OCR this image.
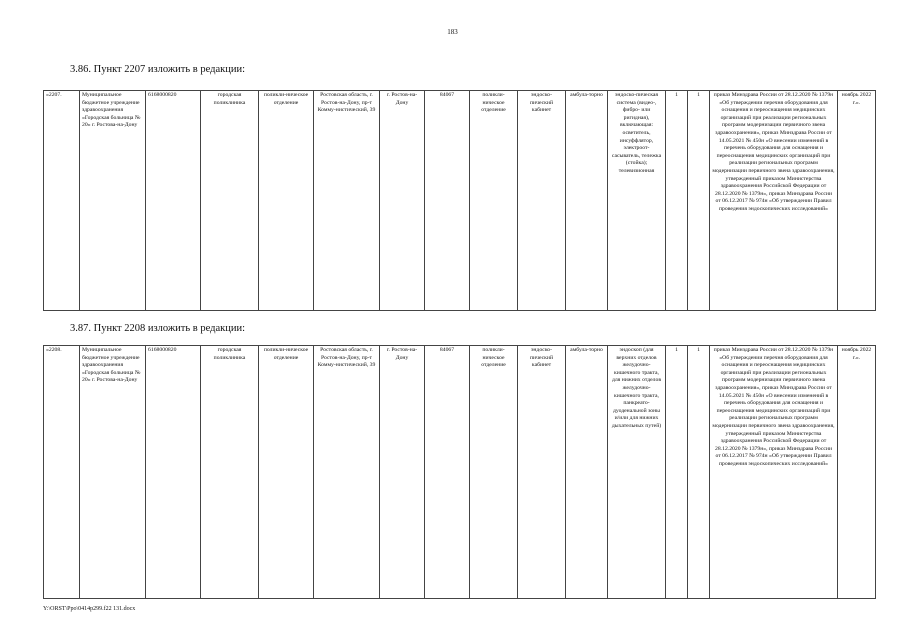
183
3.86. Пункт 2207 изложить в редакции:
«2207.	Муниципальное бюджетное учреждение здравоохранения «Городская больница № 20» г. Ростова-на-Дону	6168000820	городская поликлиника	поликли-ническое отделение	Ростовская область, г. Ростов-на-Дону, пр-т Комму-нистический, 39	г. Ростов-на-Дону	84067	поликли-ническое отделение	эндоско-пический кабинет	амбула-торно	эндоско-пическая система (видео-, фибро- или ригидная), включающая: осветитель, инсуффлятор, электроот-сасыватель, тележка (стойка); телевизионная	1	1	приказ Минздрава России от 28.12.2020 № 1379н «Об утверждении перечня оборудования для оснащения и переоснащения медицинских организаций при реализации региональных программ модернизации первичного звена здравоохранения», приказ Минздрава России от 14.05.2021 № 450н «О внесении изменений в перечень оборудования для оснащения и переоснащения медицинских организаций при реализации региональных программ модернизации первичного звена здравоохранения, утвержденный приказом Министерства здравоохранения Российской Федерации от 28.12.2020 № 1379н», приказ Минздрава России от 06.12.2017 № 974н «Об утверждении Правил проведения эндоскопических исследований»	ноябрь 2022 г.».
3.87. Пункт 2208 изложить в редакции:
«2208.	Муниципальное бюджетное учреждение здравоохранения «Городская больница № 20» г. Ростова-на-Дону	6168000820	городская поликлиника	поликли-ническое отделение	Ростовская область, г. Ростов-на-Дону, пр-т Комму-нистический, 39	г. Ростов-на-Дону	84067	поликли-ническое отделение	эндоско-пический кабинет	амбула-торно	эндоскоп (для верхних отделов желудочно-кишечного тракта, для нижних отделов желудочно-кишечного тракта, панкреато-дуоденальной зоны и/или для нижних дыхательных путей)	1	1	приказ Минздрава России от 28.12.2020 № 1379н «Об утверждении перечня оборудования для оснащения и переоснащения медицинских организаций при реализации региональных программ модернизации первичного звена здравоохранения», приказ Минздрава России от 14.05.2021 № 450н «О внесении изменений в перечень оборудования для оснащения и переоснащения медицинских организаций при реализации региональных программ модернизации первичного звена здравоохранения, утвержденный приказом Министерства здравоохранения Российской Федерации от 28.12.2020 № 1379н», приказ Минздрава России от 06.12.2017 № 974н «Об утверждении Правил проведения эндоскопических исследований»	ноябрь 2022 г.».
Y:\ORST\Ppo\0414p299.f22 131.docx
